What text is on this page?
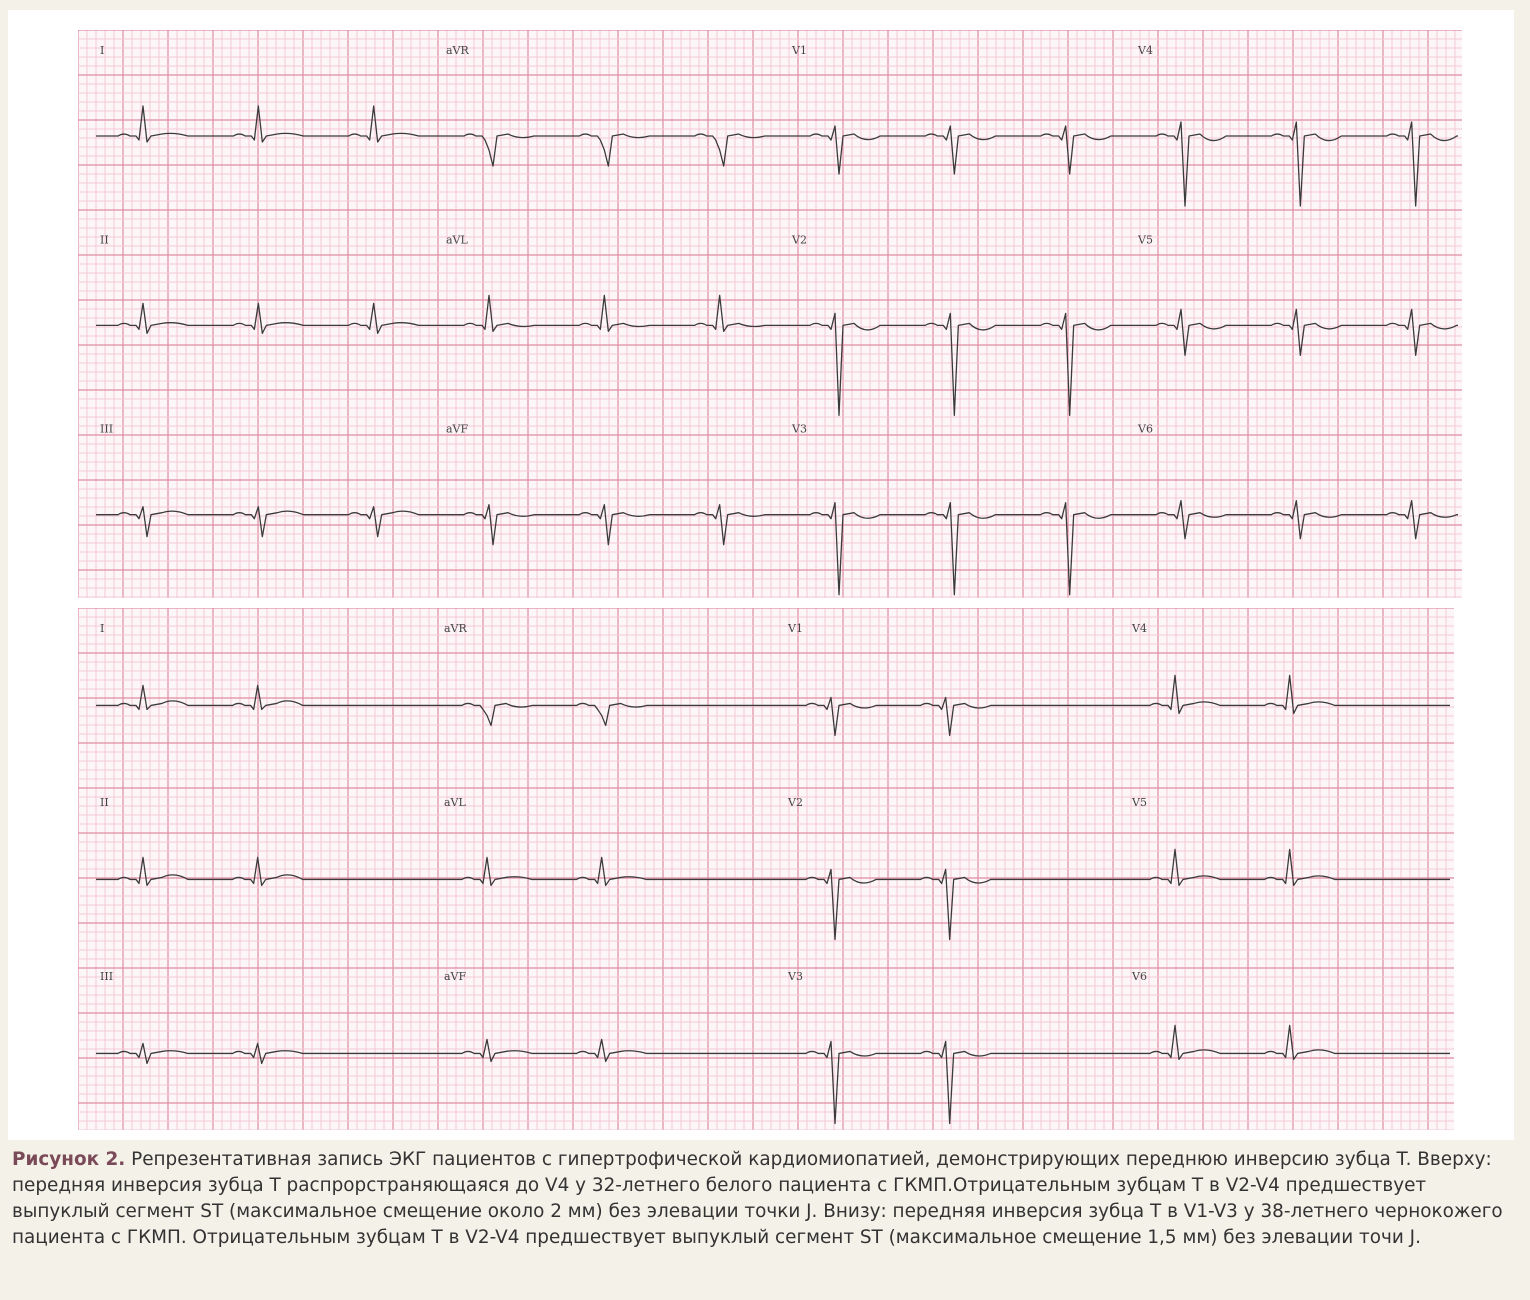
I	aVR	V1	V4
II	aVL	V2	V5
III	aVF	V3	V6
I	aVR	V1	V4
II	aVL	V2	V5
III	aVF	V3	V6
Рисунок 2. Репрезентативная запись ЭКГ пациентов с гипертрофической кардиомиопатией, демонстрирующих переднюю инверсию зубца T. Вверху: передняя инверсия зубца T распрорстраняющаяся до V4 у 32-летнего белого пациента с ГКМП.Отрицательным зубцам Т в V2-V4 предшествует выпуклый сегмент ST (максимальное смещение около 2 мм) без элевации точки J. Внизу: передняя инверсия зубца T в V1-V3 у 38-летнего чернокожего пациента с ГКМП. Отрицательным зубцам Т в V2-V4 предшествует выпуклый сегмент ST (максимальное смещение 1,5 мм) без элевации точи J.
